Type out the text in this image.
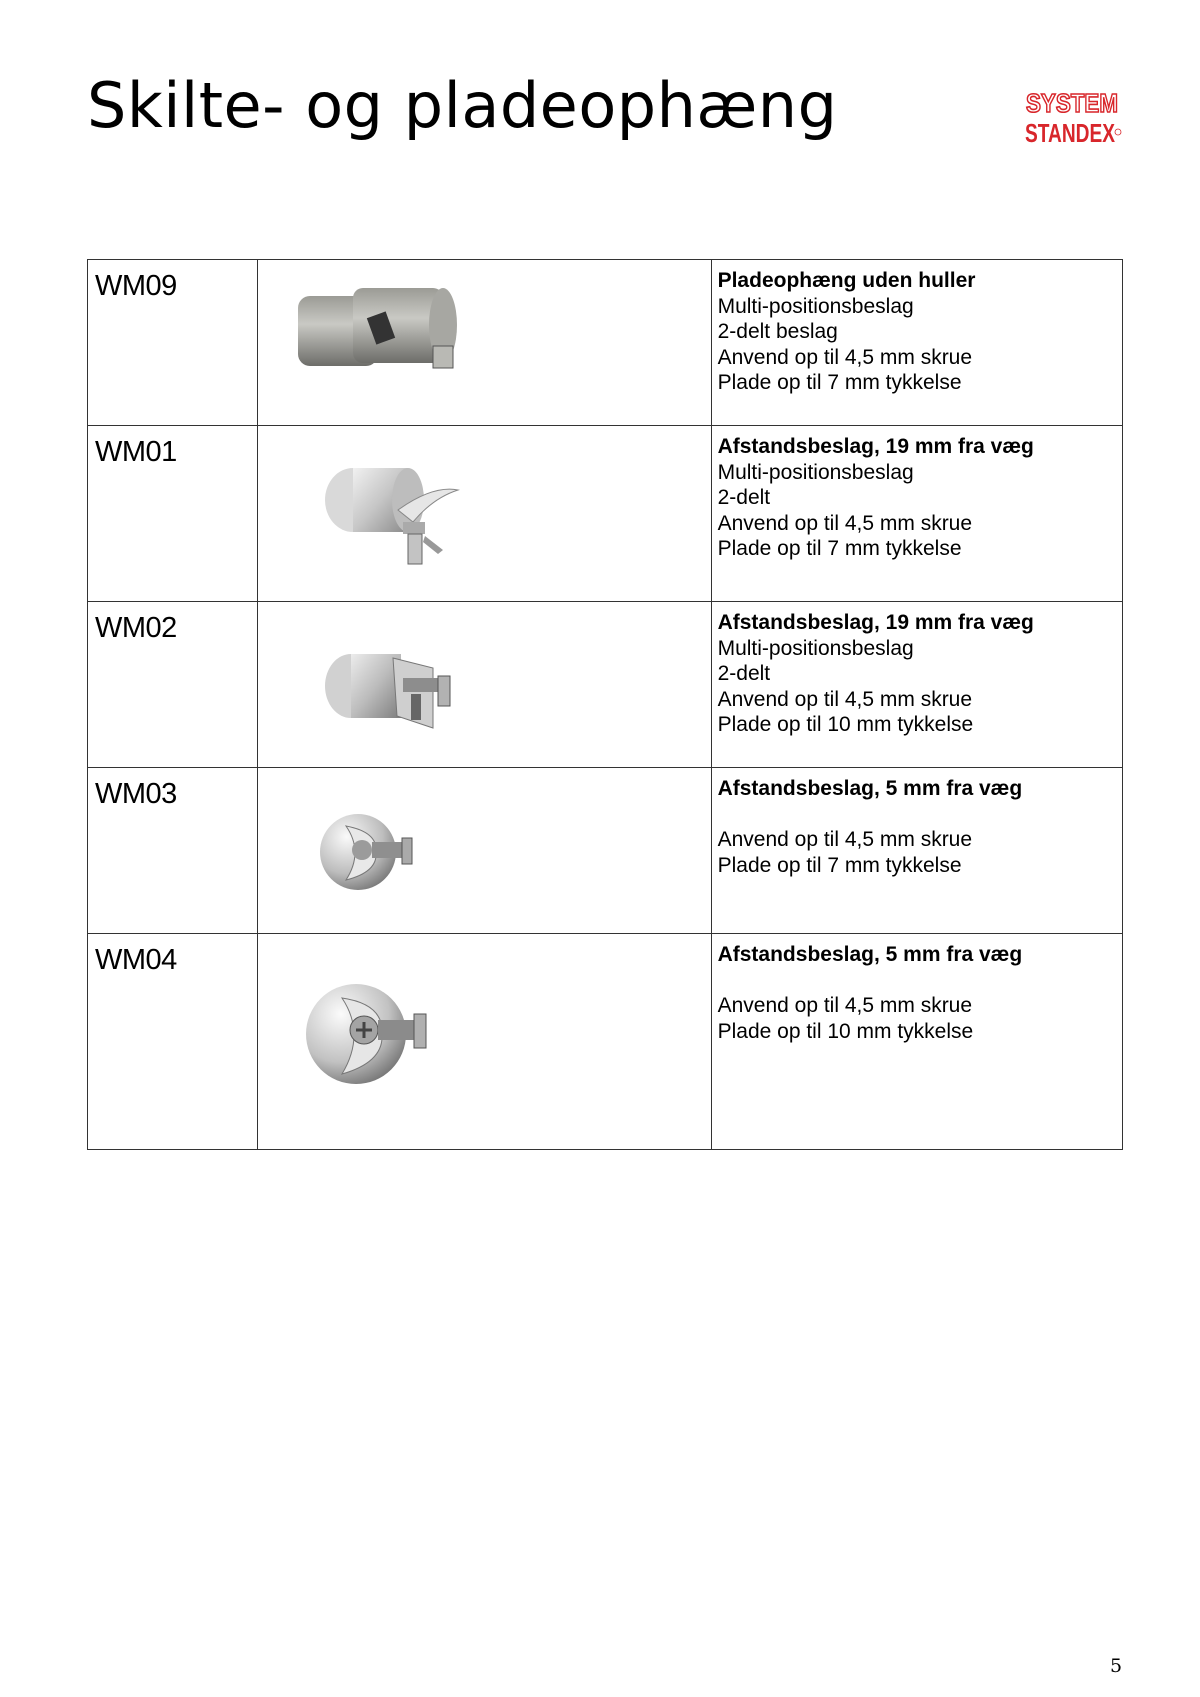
Skilte- og pladeophæng	SYSTEM
STANDEX
WM09		Pladeophæng uden huller
Multi-positionsbeslag
2-delt beslag
Anvend op til 4,5 mm skrue
Plade op til 7 mm tykkelse

WM01		Afstandsbeslag, 19 mm fra væg
Multi-positionsbeslag
2-delt
Anvend op til 4,5 mm skrue
Plade op til 7 mm tykkelse

WM02		Afstandsbeslag, 19 mm fra væg
Multi-positionsbeslag
2-delt
Anvend op til 4,5 mm skrue
Plade op til 10 mm tykkelse

WM03		Afstandsbeslag, 5 mm fra væg
Anvend op til 4,5 mm skrue
Plade op til 7 mm tykkelse

WM04		Afstandsbeslag, 5 mm fra væg
Anvend op til 4,5 mm skrue
Plade op til 10 mm tykkelse
5
